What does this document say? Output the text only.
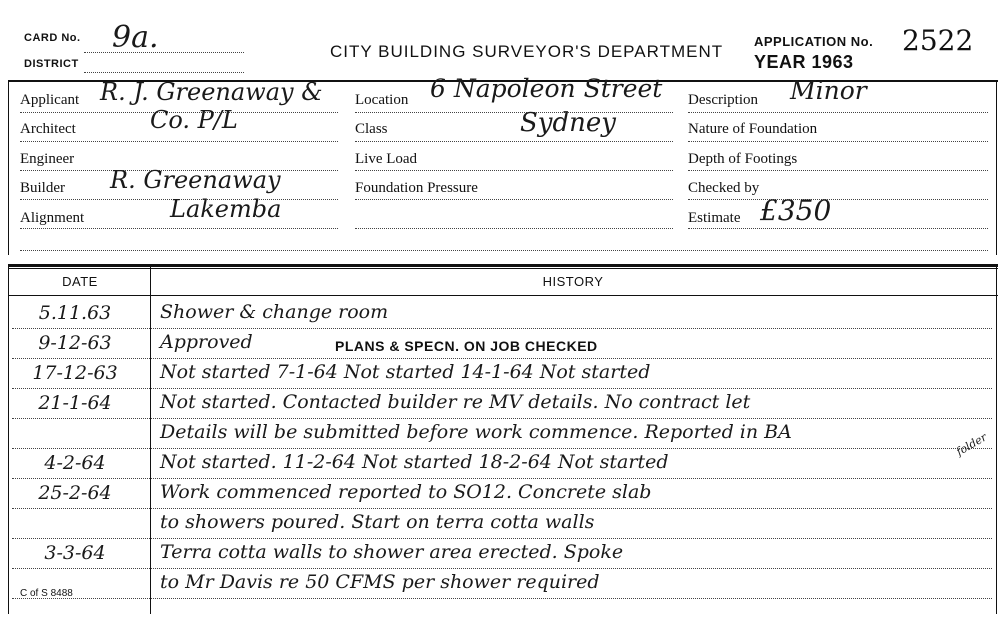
CARD No. 9a.
DISTRICT
CITY BUILDING SURVEYOR'S DEPARTMENT
APPLICATION No. 2522
YEAR 1963
Applicant R. J. Greenaway &
Architect	Co. P/L
Engineer
Builder R. Greenaway
Alignment	Lakemba
Location 6 Napoleon Street
Class	Sydney
Live Load
Foundation Pressure
Description Minor
Nature of Foundation
Depth of Footings
Checked by
Estimate £350
DATE	HISTORY
5.11.63	Shower & change room
9-12-63	Approved	PLANS & SPECN. ON JOB CHECKED
17-12-63	Not started 7-1-64 Not started 14-1-64 Not started
21-1-64	Not started. Contacted builder re MV details. No contract let
Details will be submitted before work commence. Reported in BA
4-2-64	Not started. 11-2-64 Not started 18-2-64 Not started
folder
25-2-64	Work commenced reported to SO12. Concrete slab
to showers poured. Start on terra cotta walls
3-3-64	Terra cotta walls to shower area erected. Spoke
to Mr Davis re 50 CFMS per shower required
C of S 8488
